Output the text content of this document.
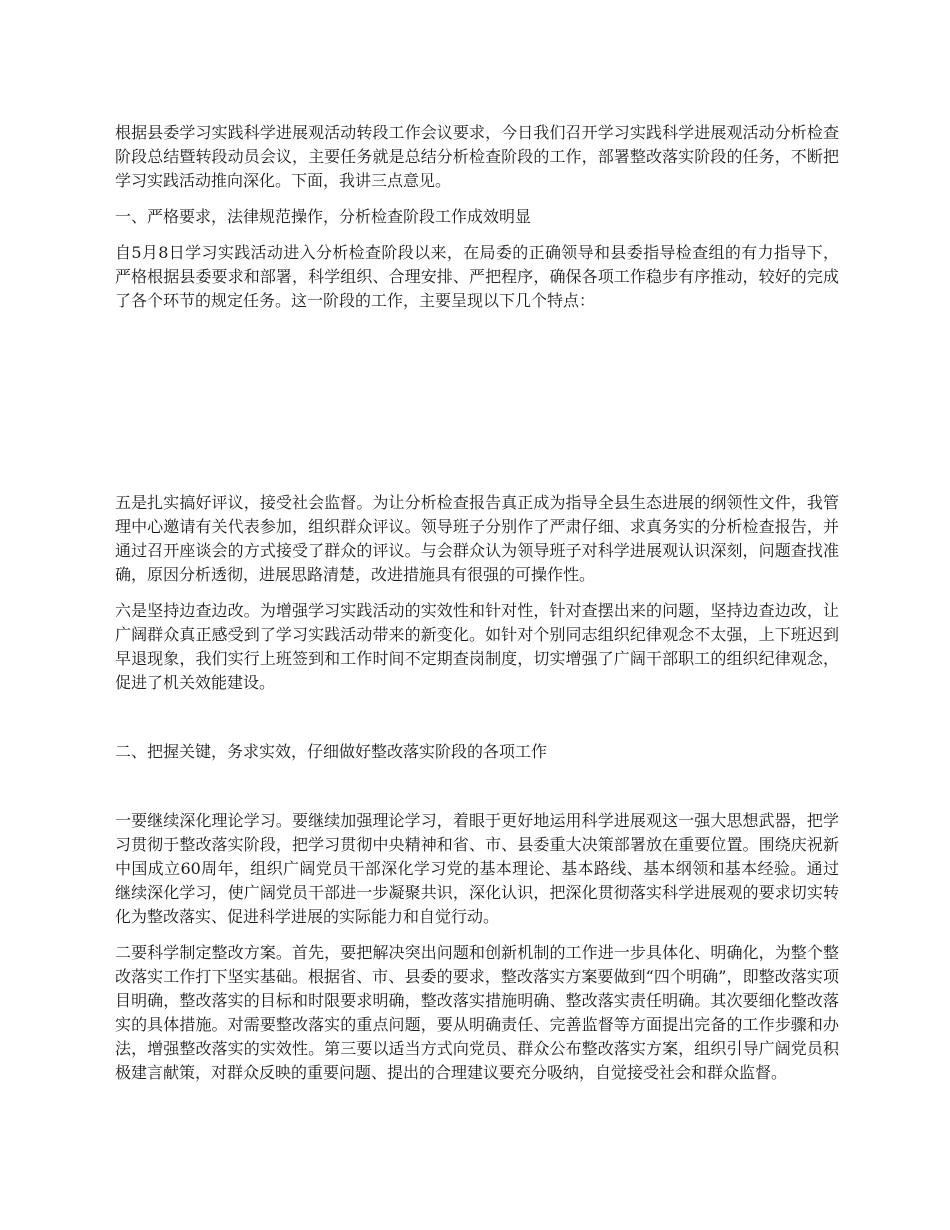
根据县委学习实践科学进展观活动转段工作会议要求，今日我们召开学习实践科学进展观活动分析检查阶段总结暨转段动员会议，主要任务就是总结分析检查阶段的工作，部署整改落实阶段的任务，不断把学习实践活动推向深化。下面，我讲三点意见。

一、严格要求，法律规范操作，分析检查阶段工作成效明显

自5月8日学习实践活动进入分析检查阶段以来，在局委的正确领导和县委指导检查组的有力指导下，严格根据县委要求和部署，科学组织、合理安排、严把程序，确保各项工作稳步有序推动，较好的完成了各个环节的规定任务。这一阶段的工作，主要呈现以下几个特点：

五是扎实搞好评议，接受社会监督。为让分析检查报告真正成为指导全县生态进展的纲领性文件，我管理中心邀请有关代表参加，组织群众评议。领导班子分别作了严肃仔细、求真务实的分析检查报告，并通过召开座谈会的方式接受了群众的评议。与会群众认为领导班子对科学进展观认识深刻，问题查找准确，原因分析透彻，进展思路清楚，改进措施具有很强的可操作性。

六是坚持边查边改。为增强学习实践活动的实效性和针对性，针对查摆出来的问题，坚持边查边改，让广阔群众真正感受到了学习实践活动带来的新变化。如针对个别同志组织纪律观念不太强，上下班迟到早退现象，我们实行上班签到和工作时间不定期查岗制度，切实增强了广阔干部职工的组织纪律观念，促进了机关效能建设。

二、把握关键，务求实效，仔细做好整改落实阶段的各项工作

一要继续深化理论学习。要继续加强理论学习，着眼于更好地运用科学进展观这一强大思想武器，把学习贯彻于整改落实阶段，把学习贯彻中央精神和省、市、县委重大决策部署放在重要位置。围绕庆祝新中国成立60周年，组织广阔党员干部深化学习党的基本理论、基本路线、基本纲领和基本经验。通过继续深化学习，使广阔党员干部进一步凝聚共识，深化认识，把深化贯彻落实科学进展观的要求切实转化为整改落实、促进科学进展的实际能力和自觉行动。

二要科学制定整改方案。首先，要把解决突出问题和创新机制的工作进一步具体化、明确化，为整个整改落实工作打下坚实基础。根据省、市、县委的要求，整改落实方案要做到“四个明确”，即整改落实项目明确，整改落实的目标和时限要求明确，整改落实措施明确、整改落实责任明确。其次要细化整改落实的具体措施。对需要整改落实的重点问题，要从明确责任、完善监督等方面提出完备的工作步骤和办法，增强整改落实的实效性。第三要以适当方式向党员、群众公布整改落实方案，组织引导广阔党员积极建言献策，对群众反映的重要问题、提出的合理建议要充分吸纳，自觉接受社会和群众监督。
